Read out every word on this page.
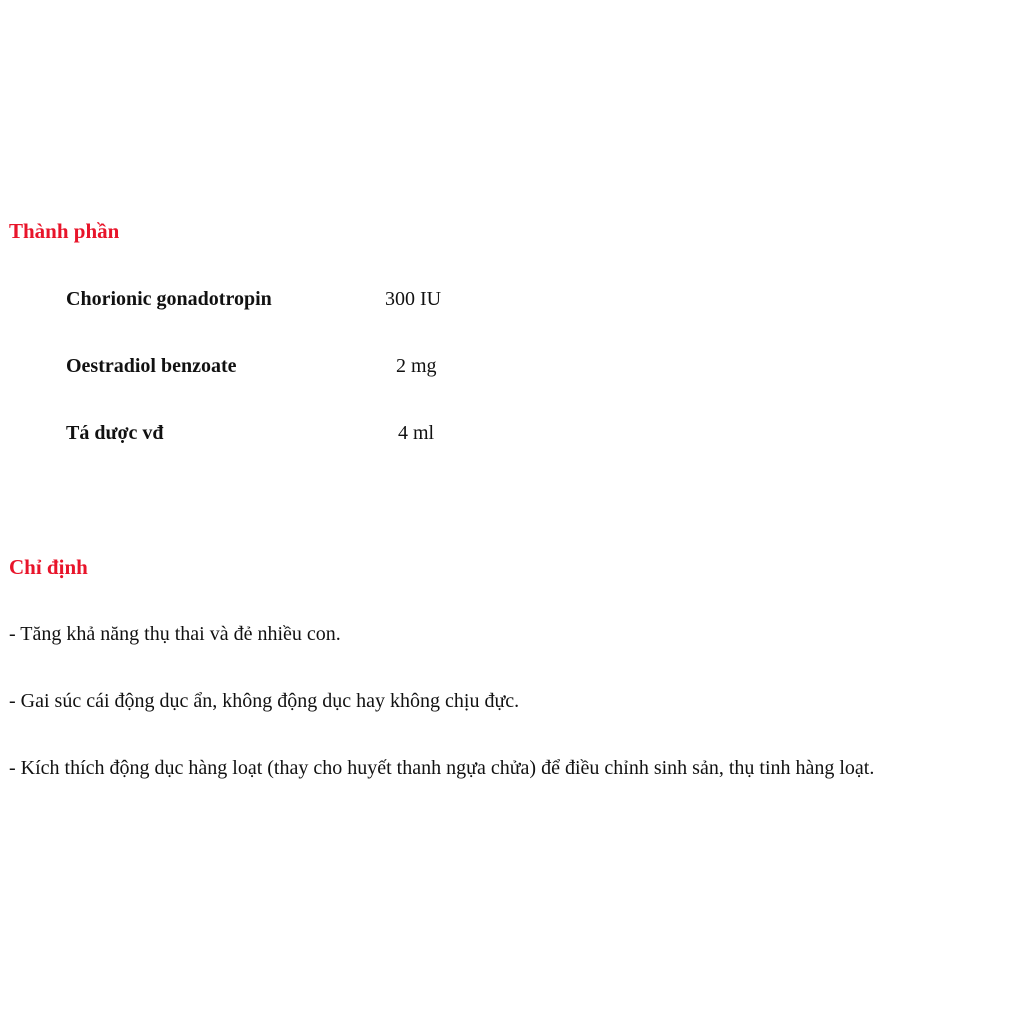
Thành phần
Chorionic gonadotropin	300 IU
Oestradiol benzoate	2 mg
Tá dược vđ	4 ml
Chỉ định
- Tăng khả năng thụ thai và đẻ nhiều con.
- Gai súc cái động dục ẩn, không động dục hay không chịu đực.
- Kích thích động dục hàng loạt (thay cho huyết thanh ngựa chửa) để điều chỉnh sinh sản, thụ tinh hàng loạt.
